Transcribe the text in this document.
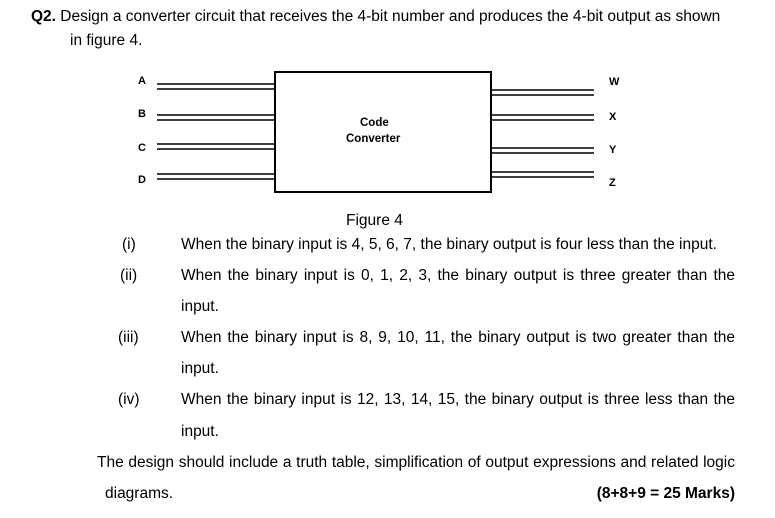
Q2. Design a converter circuit that receives the 4-bit number and produces the 4-bit output as shown
in figure 4.
A
B
C
D
Code
Converter
W
X
Y
Z
Figure 4
(i)	When the binary input is 4, 5, 6, 7, the binary output is four less than the input.
(ii)	When the binary input is 0, 1, 2, 3, the binary output is three greater than the
input.
(iii)	When the binary input is 8, 9, 10, 11, the binary output is two greater than the
input.
(iv)	When the binary input is 12, 13, 14, 15, the binary output is three less than the
input.
The design should include a truth table, simplification of output expressions and related logic
diagrams.	(8+8+9 = 25 Marks)
